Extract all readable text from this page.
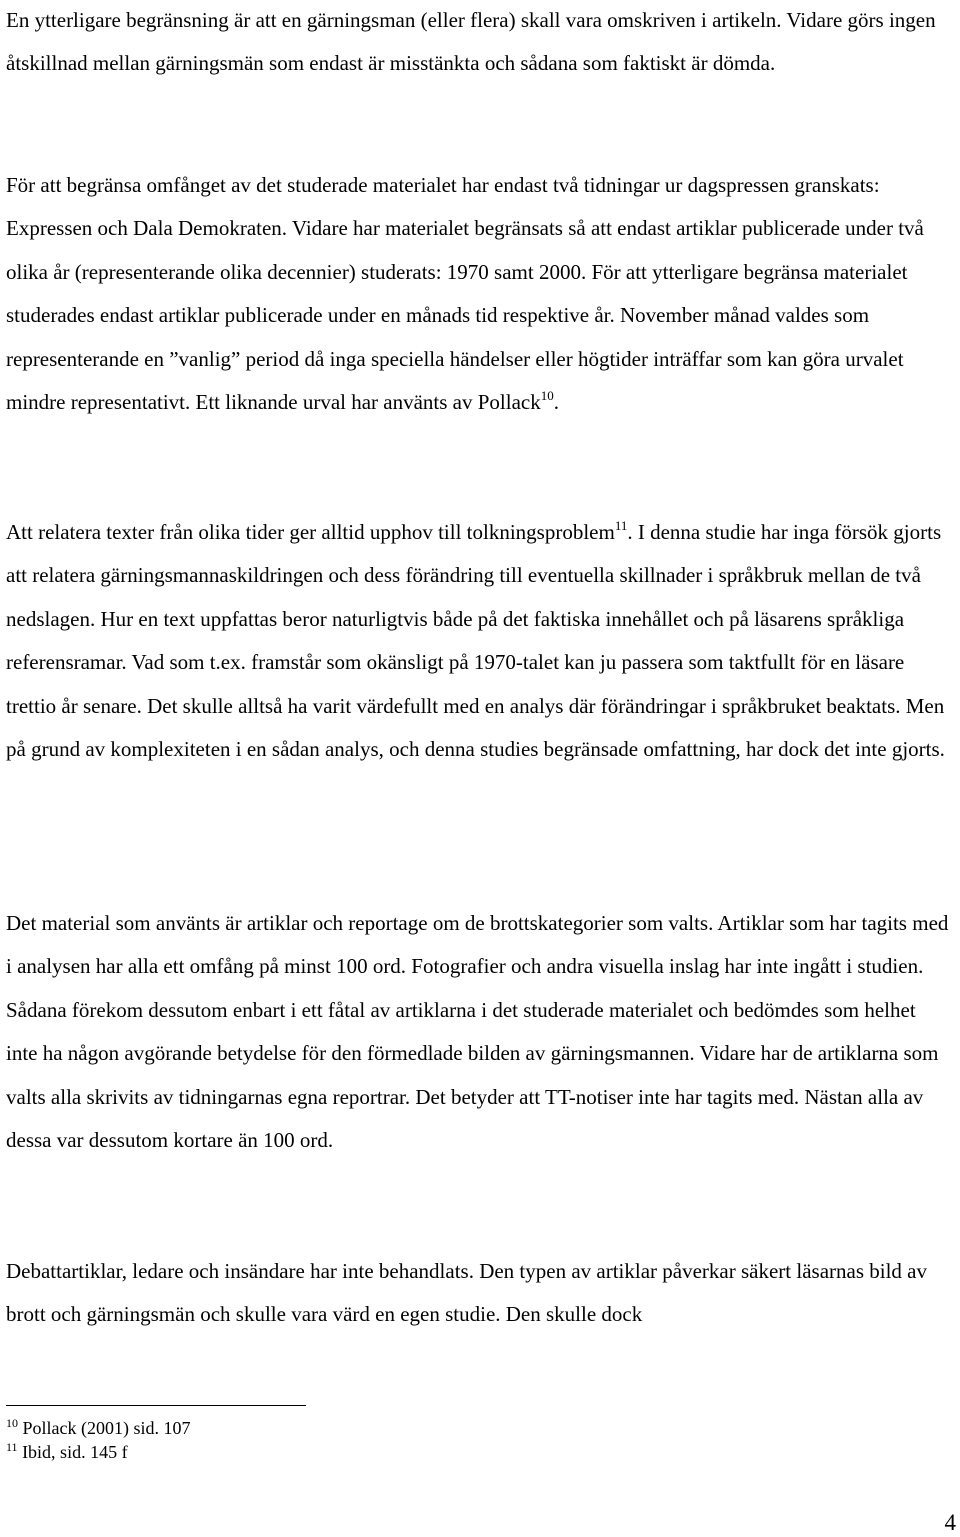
En ytterligare begränsning är att en gärningsman (eller flera) skall vara omskriven i artikeln. Vidare görs ingen åtskillnad mellan gärningsmän som endast är misstänkta och sådana som faktiskt är dömda.

För att begränsa omfånget av det studerade materialet har endast två tidningar ur dagspressen granskats: Expressen och Dala Demokraten. Vidare har materialet begränsats så att endast artiklar publicerade under två olika år (representerande olika decennier) studerats: 1970 samt 2000. För att ytterligare begränsa materialet studerades endast artiklar publicerade under en månads tid respektive år. November månad valdes som representerande en ”vanlig” period då inga speciella händelser eller högtider inträffar som kan göra urvalet mindre representativt. Ett liknande urval har använts av Pollack$^{10}$.

Att relatera texter från olika tider ger alltid upphov till tolkningsproblem$^{11}$. I denna studie har inga försök gjorts att relatera gärningsmannaskildringen och dess förändring till eventuella skillnader i språkbruk mellan de två nedslagen. Hur en text uppfattas beror naturligtvis både på det faktiska innehållet och på läsarens språkliga referensramar. Vad som t.ex. framstår som okänsligt på 1970-talet kan ju passera som taktfullt för en läsare trettio år senare. Det skulle alltså ha varit värdefullt med en analys där förändringar i språkbruket beaktats. Men på grund av komplexiteten i en sådan analys, och denna studies begränsade omfattning, har dock det inte gjorts.

Det material som använts är artiklar och reportage om de brottskategorier som valts. Artiklar som har tagits med i analysen har alla ett omfång på minst 100 ord. Fotografier och andra visuella inslag har inte ingått i studien. Sådana förekom dessutom enbart i ett fåtal av artiklarna i det studerade materialet och bedömdes som helhet inte ha någon avgörande betydelse för den förmedlade bilden av gärningsmannen. Vidare har de artiklarna som valts alla skrivits av tidningarnas egna reportrar. Det betyder att TT-notiser inte har tagits med. Nästan alla av dessa var dessutom kortare än 100 ord.

Debattartiklar, ledare och insändare har inte behandlats. Den typen av artiklar påverkar säkert läsarnas bild av brott och gärningsmän och skulle vara värd en egen studie. Den skulle dock

$^{10}$ Pollack (2001) sid. 107

$^{11}$ Ibid, sid. 145 f

4
